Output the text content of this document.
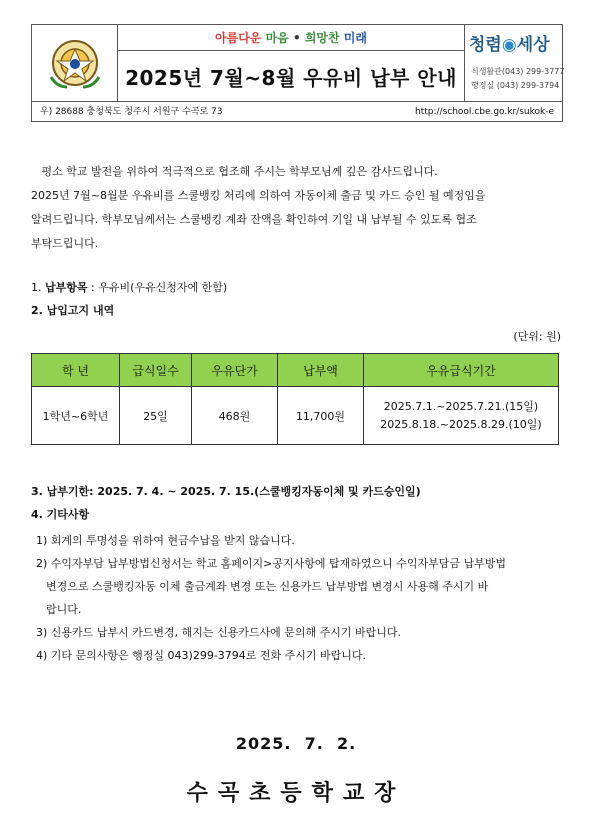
아름다운 마음 • 희망찬 미래
2025년 7월~8월 우유비 납부 안내
청렴◉세상
식생활관(043) 299-3777
행정실 (043) 299-3794
우) 28688 충청북도 청주시 서원구 수곡로 73	http://school.cbe.go.kr/sukok-e
평소 학교 발전을 위하여 적극적으로 협조해 주시는 학부모님께 깊은 감사드립니다.
2025년 7월~8월분 우유비를 스쿨뱅킹 처리에 의하여 자동이체 출금 및 카드 승인 될 예정임을
알려드립니다. 학부모님께서는 스쿨뱅킹 계좌 잔액을 확인하여 기일 내 납부될 수 있도록 협조
부탁드립니다.
1. 납부항목 : 우유비(우유신청자에 한함)
2. 납입고지 내역
(단위: 원)
학 년	급식일수	우유단가	납부액	우유급식기간
1학년~6학년	25일	468원	11,700원	2025.7.1.~2025.7.21.(15일)
2025.8.18.~2025.8.29.(10일)
3. 납부기한: 2025. 7. 4. ~ 2025. 7. 15.(스쿨뱅킹자동이체 및 카드승인일)
4. 기타사항
1) 회계의 투명성을 위하여 현금수납을 받지 않습니다.
2) 수익자부담 납부방법신청서는 학교 홈페이지>공지사항에 탑재하였으니 수익자부담금 납부방법
변경으로 스쿨뱅킹자동 이체 출금계좌 변경 또는 신용카드 납부방법 변경시 사용해 주시기 바
랍니다.
3) 신용카드 납부시 카드변경, 해지는 신용카드사에 문의해 주시기 바랍니다.
4) 기타 문의사항은 행정실 043)299-3794로 전화 주시기 바랍니다.
2025.  7.  2.
수곡초등학교장
